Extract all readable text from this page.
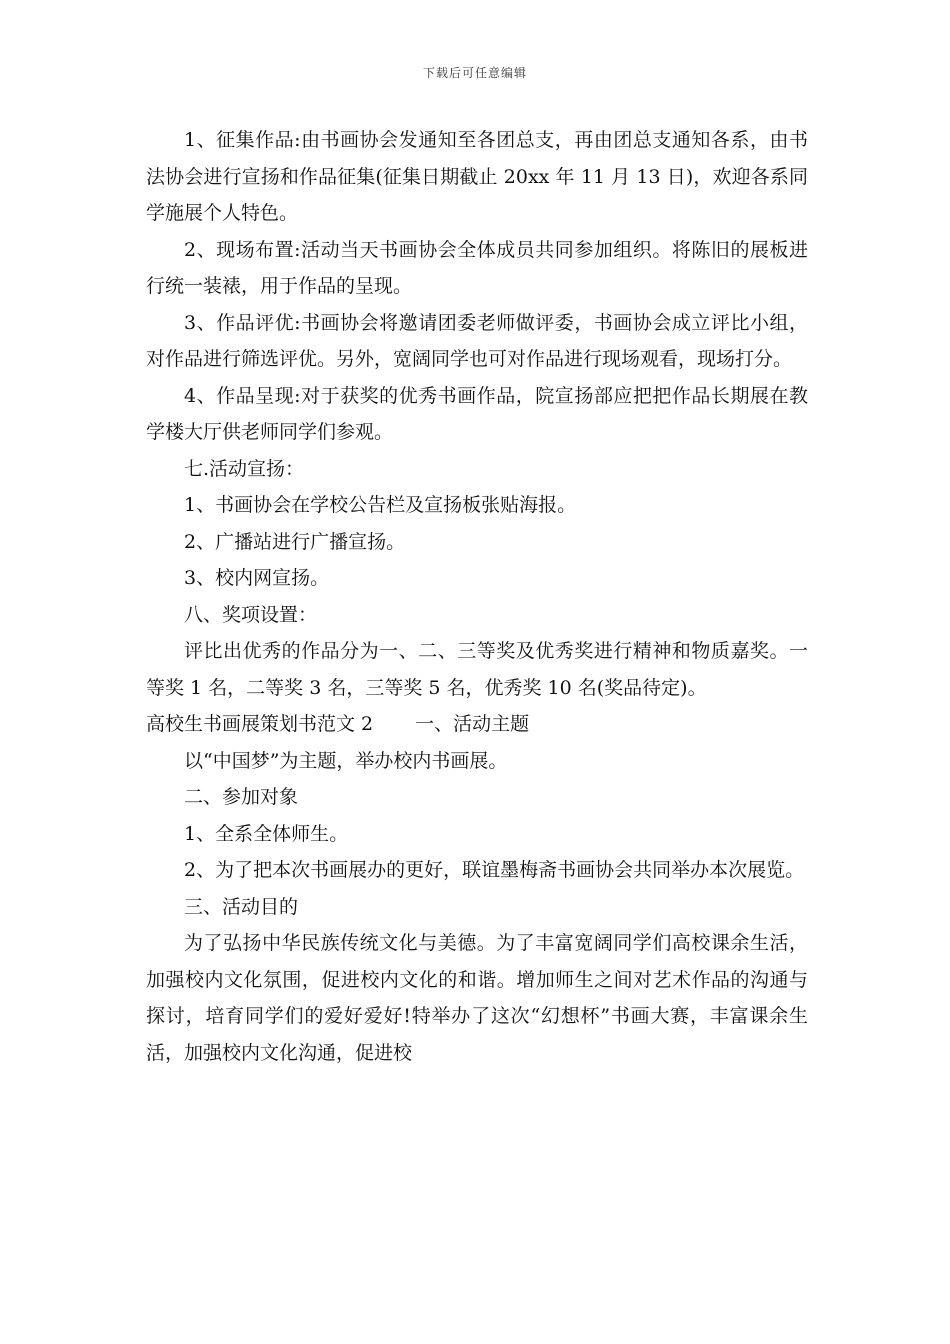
下载后可任意编辑

1、征集作品:由书画协会发通知至各团总支，再由团总支通知各系，由书法协会进行宣扬和作品征集(征集日期截止 20xx 年 11 月 13 日)，欢迎各系同学施展个人特色。

2、现场布置:活动当天书画协会全体成员共同参加组织。将陈旧的展板进行统一装裱，用于作品的呈现。

3、作品评优:书画协会将邀请团委老师做评委，书画协会成立评比小组，对作品进行筛选评优。另外，宽阔同学也可对作品进行现场观看，现场打分。

4、作品呈现:对于获奖的优秀书画作品，院宣扬部应把把作品长期展在教学楼大厅供老师同学们参观。

七.活动宣扬：

1、书画协会在学校公告栏及宣扬板张贴海报。

2、广播站进行广播宣扬。

3、校内网宣扬。

八、奖项设置：

评比出优秀的作品分为一、二、三等奖及优秀奖进行精神和物质嘉奖。一等奖 1 名，二等奖 3 名，三等奖 5 名，优秀奖 10 名(奖品待定)。

高校生书画展策划书范文 2 一、活动主题

以“中国梦”为主题，举办校内书画展。

二、参加对象

1、全系全体师生。

2、为了把本次书画展办的更好，联谊墨梅斋书画协会共同举办本次展览。

三、活动目的

为了弘扬中华民族传统文化与美德。为了丰富宽阔同学们高校课余生活，加强校内文化氛围，促进校内文化的和谐。增加师生之间对艺术作品的沟通与探讨，培育同学们的爱好爱好!特举办了这次“幻想杯”书画大赛，丰富课余生活，加强校内文化沟通，促进校
